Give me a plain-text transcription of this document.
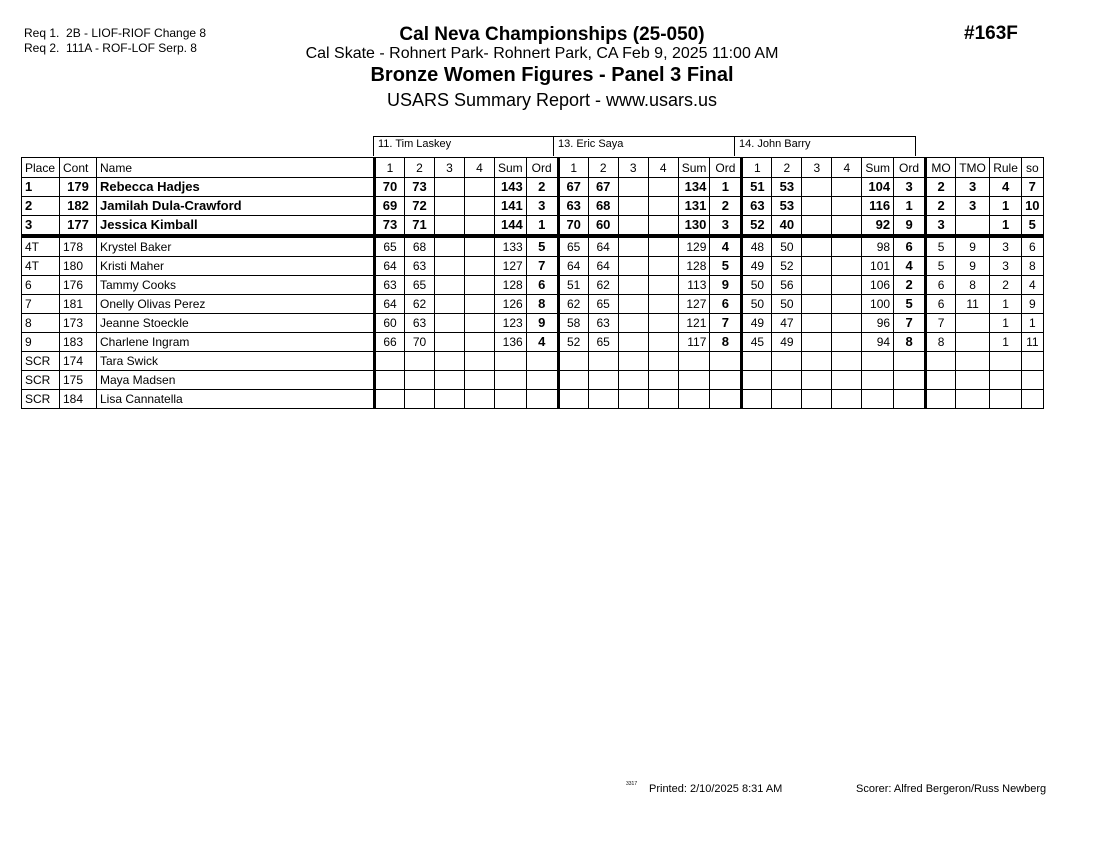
Req 1. 2B - LIOF-RIOF Change 8
Req 2. 111A - ROF-LOF Serp. 8
#163F
Cal Neva Championships (25-050)
Cal Skate - Rohnert Park- Rohnert Park, CA Feb 9, 2025 11:00 AM
Bronze Women Figures - Panel 3 Final
USARS Summary Report - www.usars.us
11. Tim Laskey	13. Eric Saya	14. John Barry
Place	Cont	Name	1	2	3	4	Sum	Ord	1	2	3	4	Sum	Ord	1	2	3	4	Sum	Ord	MO	TMO	Rule	so
1	179	Rebecca Hadjes	70	73			143	2	67	67			134	1	51	53			104	3	2	3	4	7
2	182	Jamilah Dula-Crawford	69	72			141	3	63	68			131	2	63	53			116	1	2	3	1	10
3	177	Jessica Kimball	73	71			144	1	70	60			130	3	52	40			92	9	3		1	5
4T	178	Krystel Baker	65	68			133	5	65	64			129	4	48	50			98	6	5	9	3	6
4T	180	Kristi Maher	64	63			127	7	64	64			128	5	49	52			101	4	5	9	3	8
6	176	Tammy Cooks	63	65			128	6	51	62			113	9	50	56			106	2	6	8	2	4
7	181	Onelly Olivas Perez	64	62			126	8	62	65			127	6	50	50			100	5	6	11	1	9
8	173	Jeanne Stoeckle	60	63			123	9	58	63			121	7	49	47			96	7	7		1	1
9	183	Charlene Ingram	66	70			136	4	52	65			117	8	45	49			94	8	8		1	11
SCR	174	Tara Swick																						
SCR	175	Maya Madsen																						
SCR	184	Lisa Cannatella																						
3317 Printed: 2/10/2025 8:31 AM	Scorer: Alfred Bergeron/Russ Newberg
